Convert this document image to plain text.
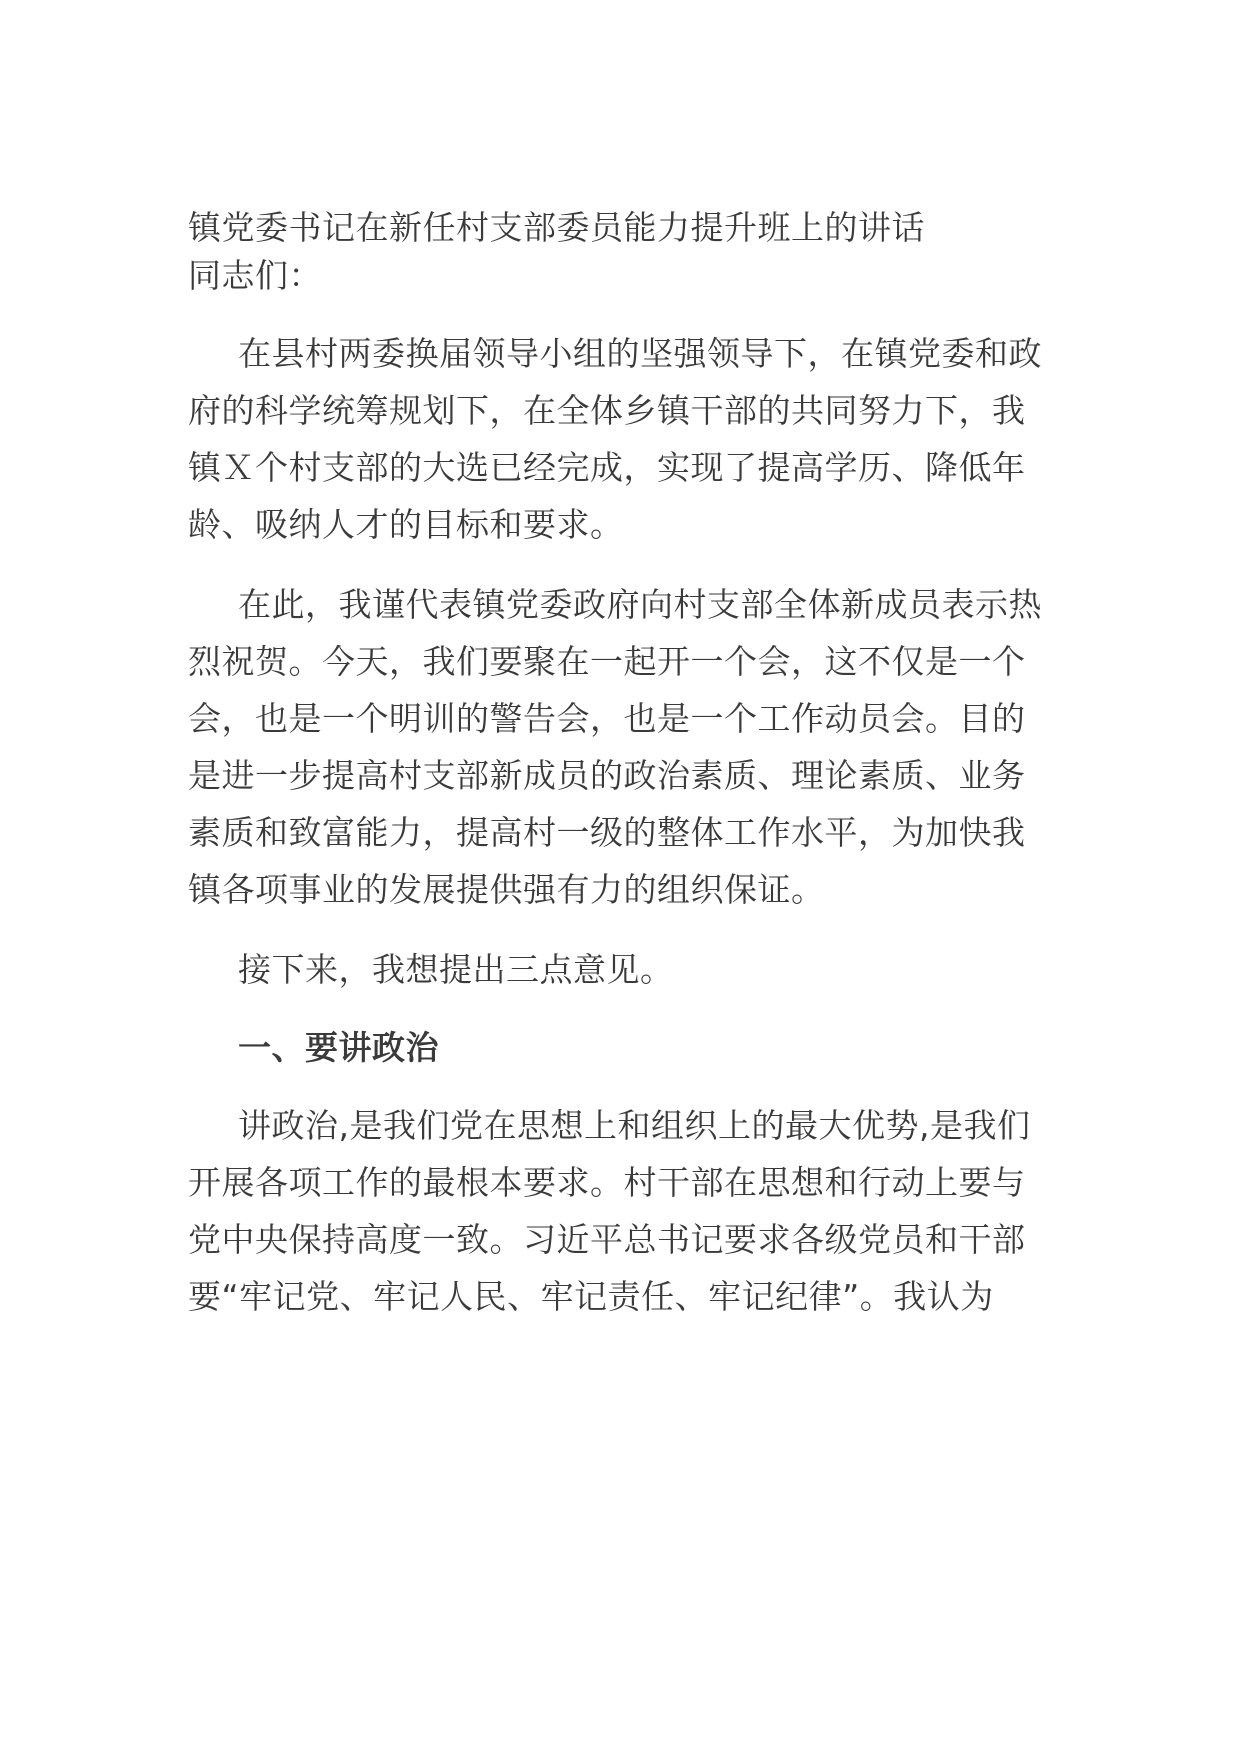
镇党委书记在新任村支部委员能力提升班上的讲话
同志们：
在县村两委换届领导小组的坚强领导下，在镇党委和政
府的科学统筹规划下，在全体乡镇干部的共同努力下，我
镇Ｘ个村支部的大选已经完成，实现了提高学历、降低年
龄、吸纳人才的目标和要求。
在此，我谨代表镇党委政府向村支部全体新成员表示热
烈祝贺。今天，我们要聚在一起开一个会，这不仅是一个
会，也是一个明训的警告会，也是一个工作动员会。目的
是进一步提高村支部新成员的政治素质、理论素质、业务
素质和致富能力，提高村一级的整体工作水平，为加快我
镇各项事业的发展提供强有力的组织保证。
接下来，我想提出三点意见。
一、要讲政治
讲政治,是我们党在思想上和组织上的最大优势,是我们
开展各项工作的最根本要求。村干部在思想和行动上要与
党中央保持高度一致。习近平总书记要求各级党员和干部
要“牢记党、牢记人民、牢记责任、牢记纪律”。我认为
